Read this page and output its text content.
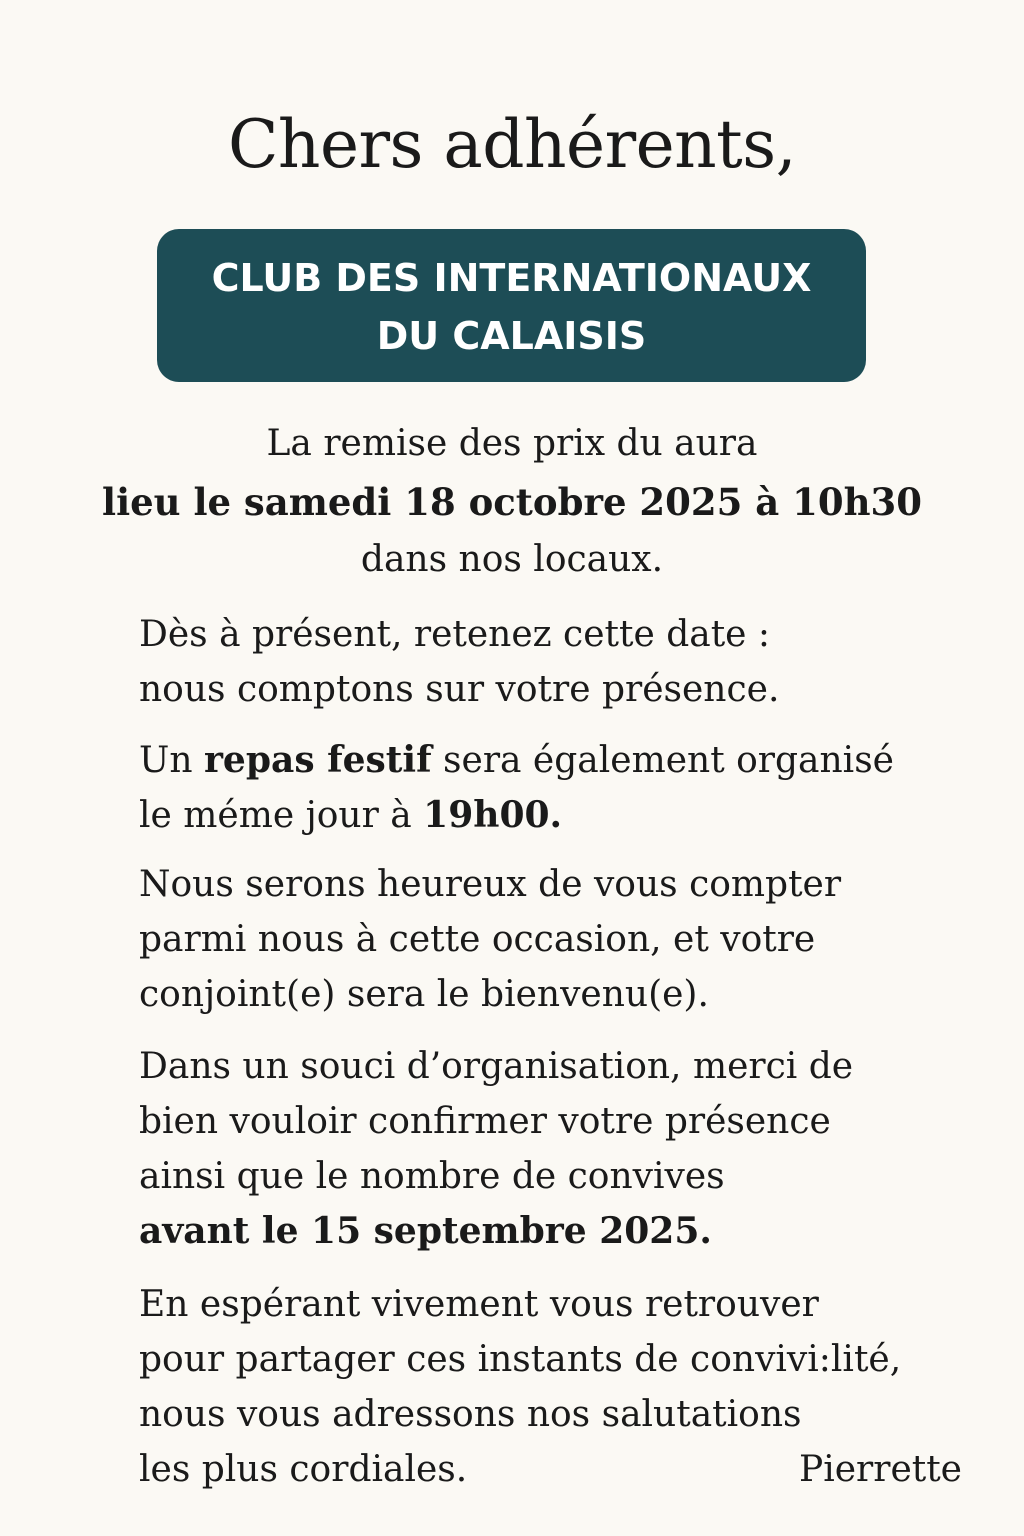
Chers adhérents,
CLUB DES INTERNATIONAUX
DU CALAISIS
La remise des prix du aura
lieu le samedi 18 octobre 2025 à 10h30
dans nos locaux.
Dès à présent, retenez cette date :
nous comptons sur votre présence.
Un repas festif sera également organisé
le méme jour à 19h00.
Nous serons heureux de vous compter
parmi nous à cette occasion, et votre
conjoint(e) sera le bienvenu(e).
Dans un souci d’organisation, merci de
bien vouloir confirmer votre présence
ainsi que le nombre de convives
avant le 15 septembre 2025.
En espérant vivement vous retrouver
pour partager ces instants de convivi:lité,
nous vous adressons nos salutations
les plus cordiales.	Pierrette
